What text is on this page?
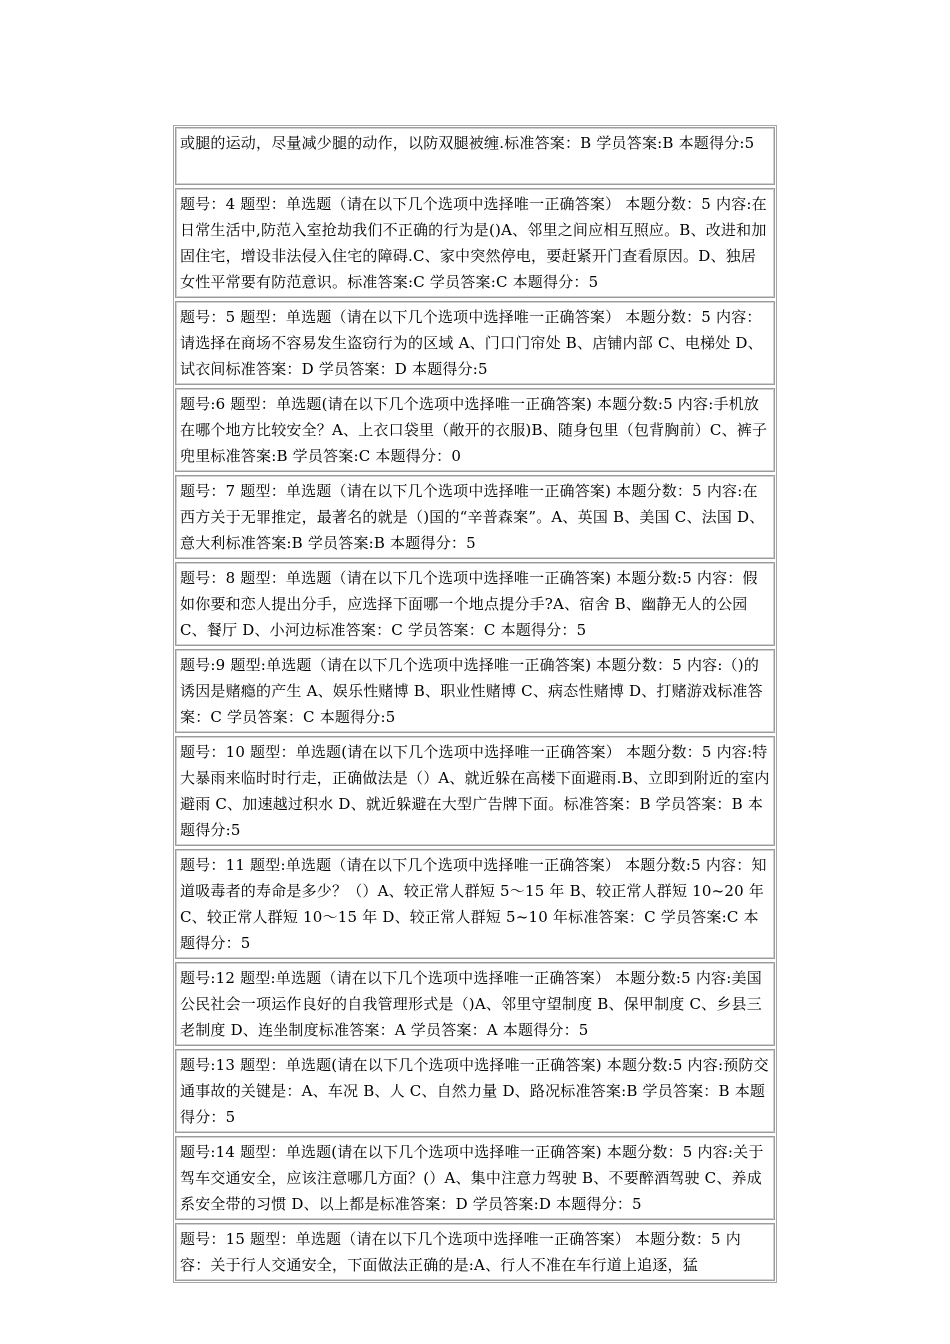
或腿的运动，尽量减少腿的动作，以防双腿被缠.标准答案：B 学员答案:B 本题得分:5
题号：4 题型：单选题（请在以下几个选项中选择唯一正确答案） 本题分数：5 内容:在日常生活中,防范入室抢劫我们不正确的行为是()A、邻里之间应相互照应。B、改进和加固住宅，增设非法侵入住宅的障碍.C、家中突然停电，要赶紧开门查看原因。D、独居女性平常要有防范意识。标准答案:C 学员答案:C 本题得分：5
题号：5 题型：单选题（请在以下几个选项中选择唯一正确答案） 本题分数：5 内容：请选择在商场不容易发生盗窃行为的区域 A、门口门帘处 B、店铺内部 C、电梯处 D、试衣间标准答案：D 学员答案：D 本题得分:5
题号:6 题型：单选题(请在以下几个选项中选择唯一正确答案) 本题分数:5 内容:手机放在哪个地方比较安全？A、上衣口袋里（敞开的衣服)B、随身包里（包背胸前）C、裤子兜里标准答案:B 学员答案:C 本题得分：0
题号：7 题型：单选题（请在以下几个选项中选择唯一正确答案) 本题分数：5 内容:在西方关于无罪推定，最著名的就是（)国的“辛普森案”。A、英国 B、美国 C、法国 D、意大利标准答案:B 学员答案:B 本题得分：5
题号：8 题型：单选题（请在以下几个选项中选择唯一正确答案) 本题分数:5 内容：假如你要和恋人提出分手，应选择下面哪一个地点提分手?A、宿舍 B、幽静无人的公园 C、餐厅 D、小河边标准答案：C 学员答案：C 本题得分：5
题号:9 题型:单选题（请在以下几个选项中选择唯一正确答案) 本题分数：5 内容:（)的诱因是赌瘾的产生 A、娱乐性赌博 B、职业性赌博 C、病态性赌博 D、打赌游戏标准答案：C 学员答案：C 本题得分:5
题号：10 题型：单选题(请在以下几个选项中选择唯一正确答案） 本题分数：5 内容:特大暴雨来临时时行走，正确做法是（）A、就近躲在高楼下面避雨.B、立即到附近的室内避雨 C、加速越过积水 D、就近躲避在大型广告牌下面。标准答案：B 学员答案：B 本题得分:5
题号：11 题型:单选题（请在以下几个选项中选择唯一正确答案） 本题分数:5 内容：知道吸毒者的寿命是多少？（）A、较正常人群短 5～15 年 B、较正常人群短 10~20 年 C、较正常人群短 10～15 年 D、较正常人群短 5~10 年标准答案：C 学员答案:C 本题得分：5
题号:12 题型:单选题（请在以下几个选项中选择唯一正确答案） 本题分数:5 内容:美国公民社会一项运作良好的自我管理形式是（)A、邻里守望制度 B、保甲制度 C、乡县三老制度 D、连坐制度标准答案：A 学员答案：A 本题得分：5
题号:13 题型：单选题(请在以下几个选项中选择唯一正确答案) 本题分数:5 内容:预防交通事故的关键是：A、车况 B、人 C、自然力量 D、路况标准答案:B 学员答案：B 本题得分：5
题号:14 题型：单选题(请在以下几个选项中选择唯一正确答案) 本题分数：5 内容:关于驾车交通安全，应该注意哪几方面？(）A、集中注意力驾驶 B、不要醉酒驾驶 C、养成系安全带的习惯 D、以上都是标准答案：D 学员答案:D 本题得分：5
题号：15 题型：单选题（请在以下几个选项中选择唯一正确答案） 本题分数：5 内容：关于行人交通安全，下面做法正确的是:A、行人不准在车行道上追逐，猛
